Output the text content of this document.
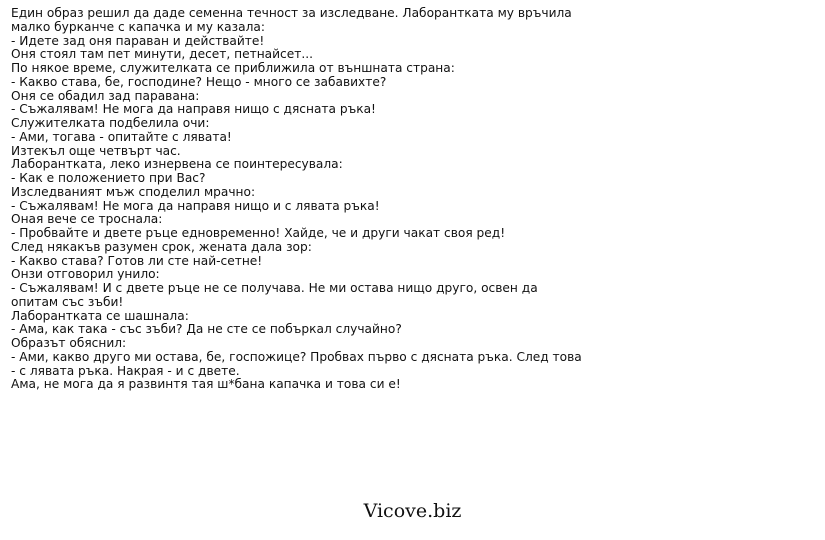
Един образ решил да даде семенна течност за изследване. Лаборантката му връчила
малко бурканче с капачка и му казала:
- Идете зад оня параван и действайте!
Оня стоял там пет минути, десет, петнайсет...
По някое време, служителката се приближила от външната страна:
- Какво става, бе, господине? Нещо - много се забавихте?
Оня се обадил зад паравана:
- Съжалявам! Не мога да направя нищо с дясната ръка!
Служителката подбелила очи:
- Ами, тогава - опитайте с лявата!
Изтекъл още четвърт час.
Лаборантката, леко изнервена се поинтересувала:
- Как е положението при Вас?
Изследваният мъж споделил мрачно:
- Съжалявам! Не мога да направя нищо и с лявата ръка!
Оная вече се троснала:
- Пробвайте и двете ръце едновременно! Хайде, че и други чакат своя ред!
След някакъв разумен срок, жената дала зор:
- Какво става? Готов ли сте най-сетне!
Онзи отговорил унило:
- Съжалявам! И с двете ръце не се получава. Не ми остава нищо друго, освен да
опитам със зъби!
Лаборантката се шашнала:
- Ама, как така - със зъби? Да не сте се побъркал случайно?
Образът обяснил:
- Ами, какво друго ми остава, бе, госпожице? Пробвах първо с дясната ръка. След това
- с лявата ръка. Накрая - и с двете.
Ама, не мога да я развинтя тая ш*бана капачка и това си е!
Vicove.biz
